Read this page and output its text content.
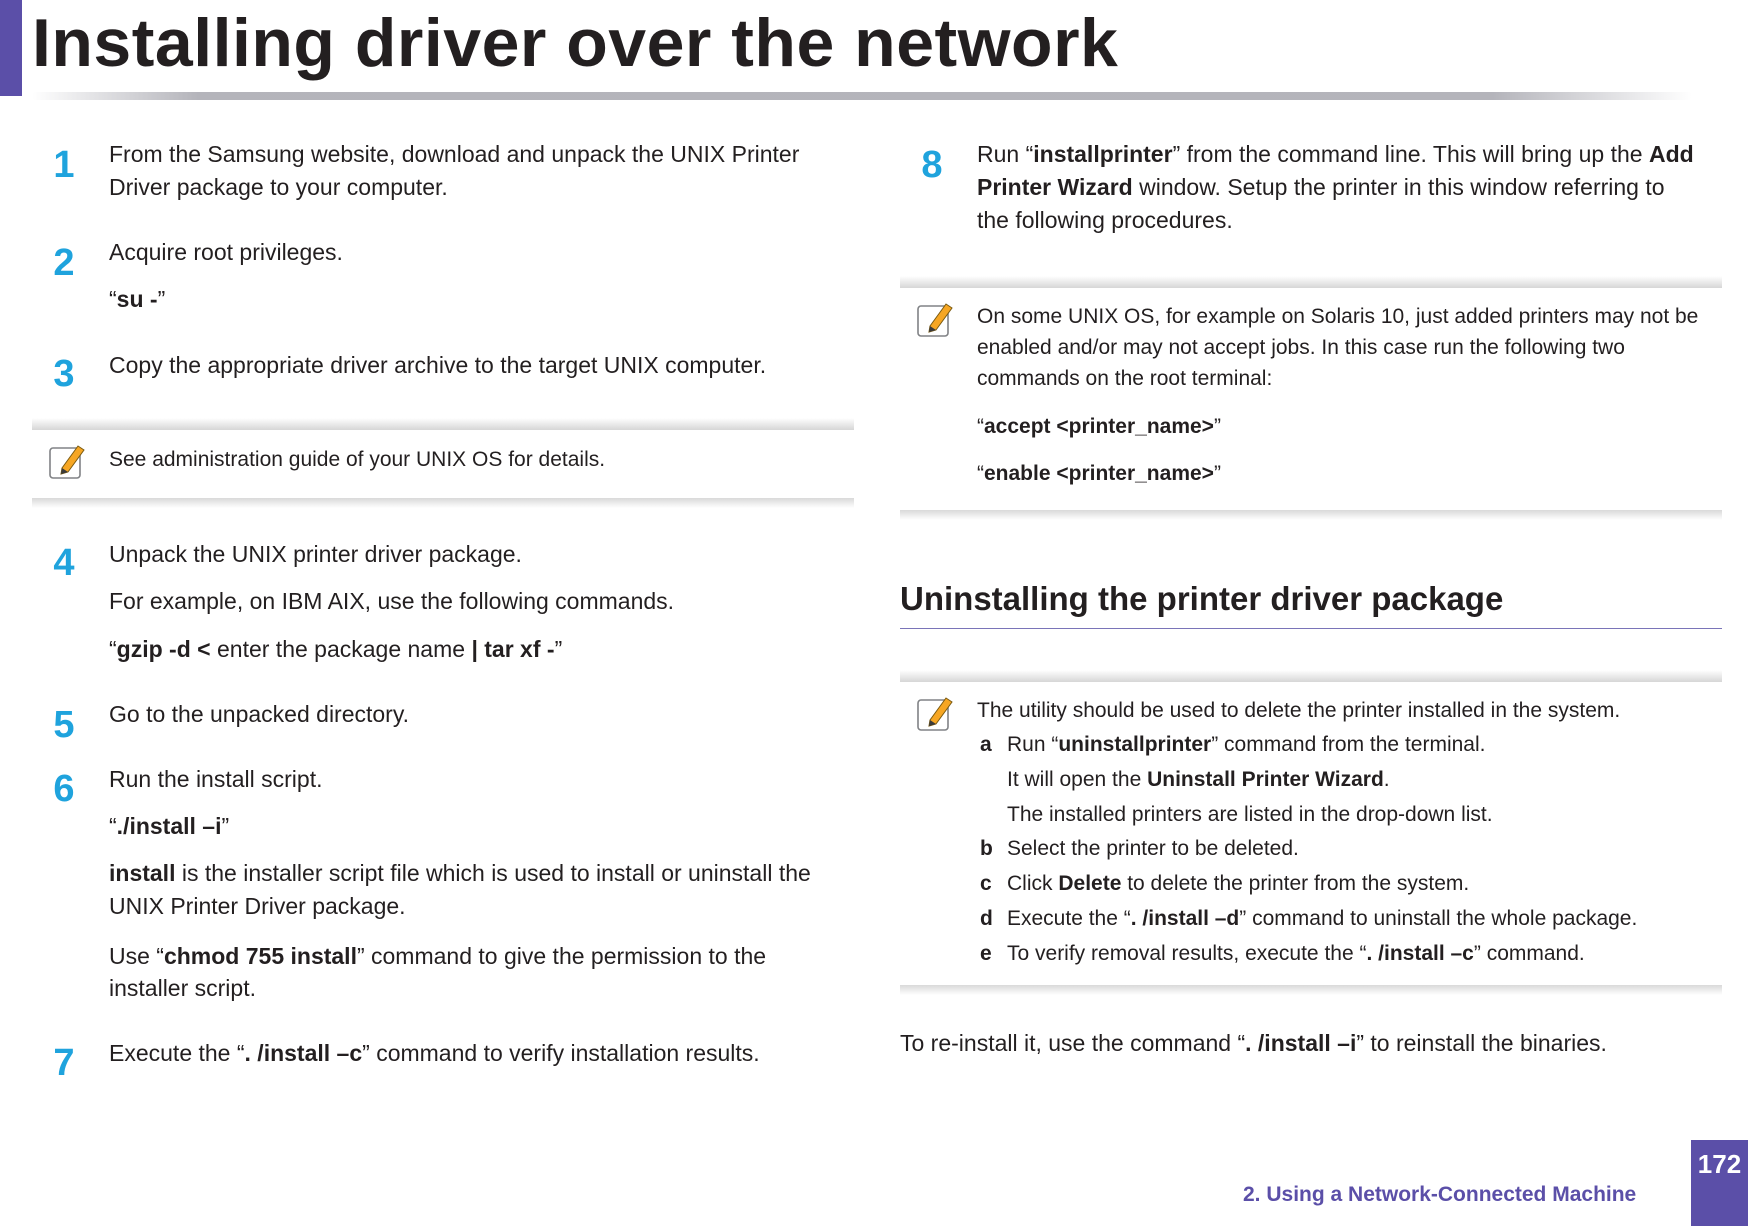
Installing driver over the network
1	From the Samsung website, download and unpack the UNIX Printer
Driver package to your computer.
2	Acquire root privileges.
“su -”
3	Copy the appropriate driver archive to the target UNIX computer.
See administration guide of your UNIX OS for details.
4	Unpack the UNIX printer driver package.
For example, on IBM AIX, use the following commands.
“gzip -d < enter the package name | tar xf -”
5	Go to the unpacked directory.
6	Run the install script.
“./install –i”
install is the installer script file which is used to install or uninstall the
UNIX Printer Driver package.
Use “chmod 755 install” command to give the permission to the
installer script.
7	Execute the “. /install –c” command to verify installation results.
8	Run “installprinter” from the command line. This will bring up the Add
Printer Wizard window. Setup the printer in this window referring to
the following procedures.
On some UNIX OS, for example on Solaris 10, just added printers may not be
enabled and/or may not accept jobs. In this case run the following two
commands on the root terminal:
“accept <printer_name>”
“enable <printer_name>”
Uninstalling the printer driver package
The utility should be used to delete the printer installed in the system.
a Run “uninstallprinter” command from the terminal.
It will open the Uninstall Printer Wizard.
The installed printers are listed in the drop-down list.
b Select the printer to be deleted.
c Click Delete to delete the printer from the system.
d Execute the “. /install –d” command to uninstall the whole package.
e To verify removal results, execute the “. /install –c” command.
To re-install it, use the command “. /install –i” to reinstall the binaries.
2. Using a Network-Connected Machine
172
